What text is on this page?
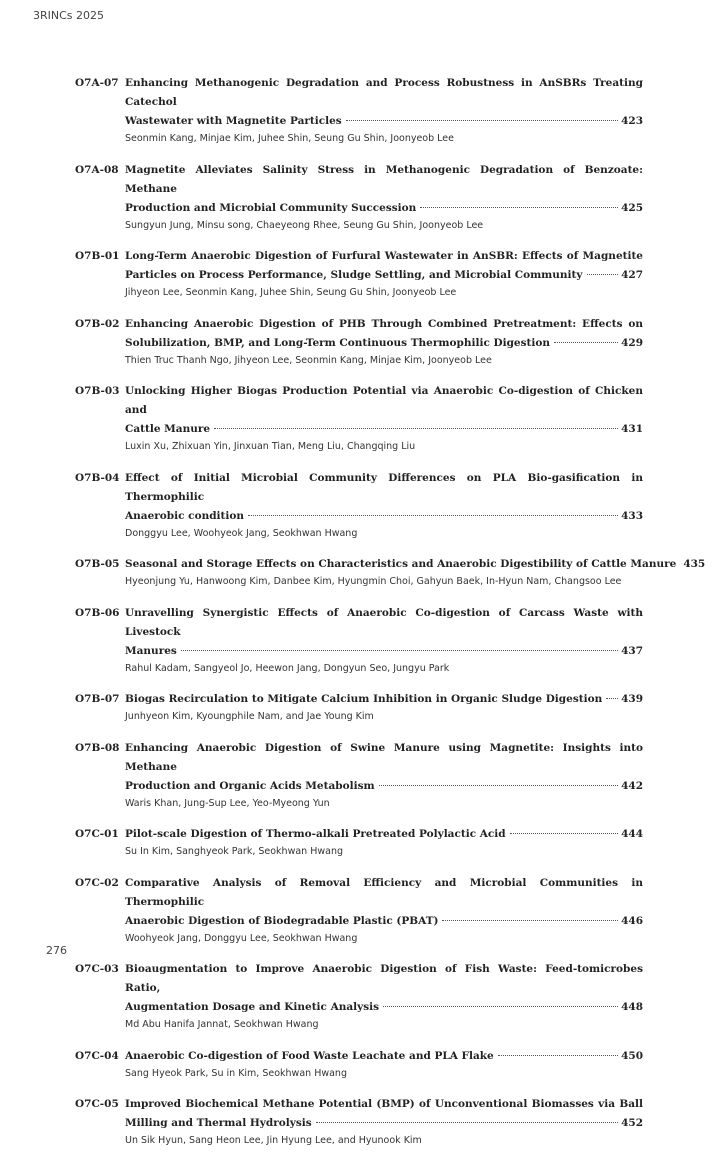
3RINCs 2025
O7A-07 Enhancing Methanogenic Degradation and Process Robustness in AnSBRs Treating Catechol
Wastewater with Magnetite Particles	423
Seonmin Kang, Minjae Kim, Juhee Shin, Seung Gu Shin, Joonyeob Lee
O7A-08 Magnetite Alleviates Salinity Stress in Methanogenic Degradation of Benzoate: Methane
Production and Microbial Community Succession	425
Sungyun Jung, Minsu song, Chaeyeong Rhee, Seung Gu Shin, Joonyeob Lee
O7B-01 Long-Term Anaerobic Digestion of Furfural Wastewater in AnSBR: Effects of Magnetite
Particles on Process Performance, Sludge Settling, and Microbial Community	427
Jihyeon Lee, Seonmin Kang, Juhee Shin, Seung Gu Shin, Joonyeob Lee
O7B-02 Enhancing Anaerobic Digestion of PHB Through Combined Pretreatment: Effects on
Solubilization, BMP, and Long-Term Continuous Thermophilic Digestion	429
Thien Truc Thanh Ngo, Jihyeon Lee, Seonmin Kang, Minjae Kim, Joonyeob Lee
O7B-03 Unlocking Higher Biogas Production Potential via Anaerobic Co-digestion of Chicken and
Cattle Manure	431
Luxin Xu, Zhixuan Yin, Jinxuan Tian, Meng Liu, Changqing Liu
O7B-04 Effect of Initial Microbial Community Differences on PLA Bio-gasification in Thermophilic
Anaerobic condition	433
Donggyu Lee, Woohyeok Jang, Seokhwan Hwang
O7B-05 Seasonal and Storage Effects on Characteristics and Anaerobic Digestibility of Cattle Manure 435
Hyeonjung Yu, Hanwoong Kim, Danbee Kim, Hyungmin Choi, Gahyun Baek, In-Hyun Nam, Changsoo Lee
O7B-06 Unravelling Synergistic Effects of Anaerobic Co-digestion of Carcass Waste with Livestock
Manures	437
Rahul Kadam, Sangyeol Jo, Heewon Jang, Dongyun Seo, Jungyu Park
O7B-07 Biogas Recirculation to Mitigate Calcium Inhibition in Organic Sludge Digestion 439
Junhyeon Kim, Kyoungphile Nam, and Jae Young Kim
O7B-08 Enhancing Anaerobic Digestion of Swine Manure using Magnetite: Insights into Methane
Production and Organic Acids Metabolism	442
Waris Khan, Jung-Sup Lee, Yeo-Myeong Yun
O7C-01 Pilot-scale Digestion of Thermo-alkali Pretreated Polylactic Acid	444
Su In Kim, Sanghyeok Park, Seokhwan Hwang
O7C-02 Comparative Analysis of Removal Efficiency and Microbial Communities in Thermophilic
Anaerobic Digestion of Biodegradable Plastic (PBAT)	446
Woohyeok Jang, Donggyu Lee, Seokhwan Hwang
O7C-03 Bioaugmentation to Improve Anaerobic Digestion of Fish Waste: Feed-tomicrobes Ratio,
Augmentation Dosage and Kinetic Analysis	448
Md Abu Hanifa Jannat, Seokhwan Hwang
O7C-04 Anaerobic Co-digestion of Food Waste Leachate and PLA Flake	450
Sang Hyeok Park, Su in Kim, Seokhwan Hwang
O7C-05 Improved Biochemical Methane Potential (BMP) of Unconventional Biomasses via Ball
Milling and Thermal Hydrolysis	452
Un Sik Hyun, Sang Heon Lee, Jin Hyung Lee, and Hyunook Kim
276
